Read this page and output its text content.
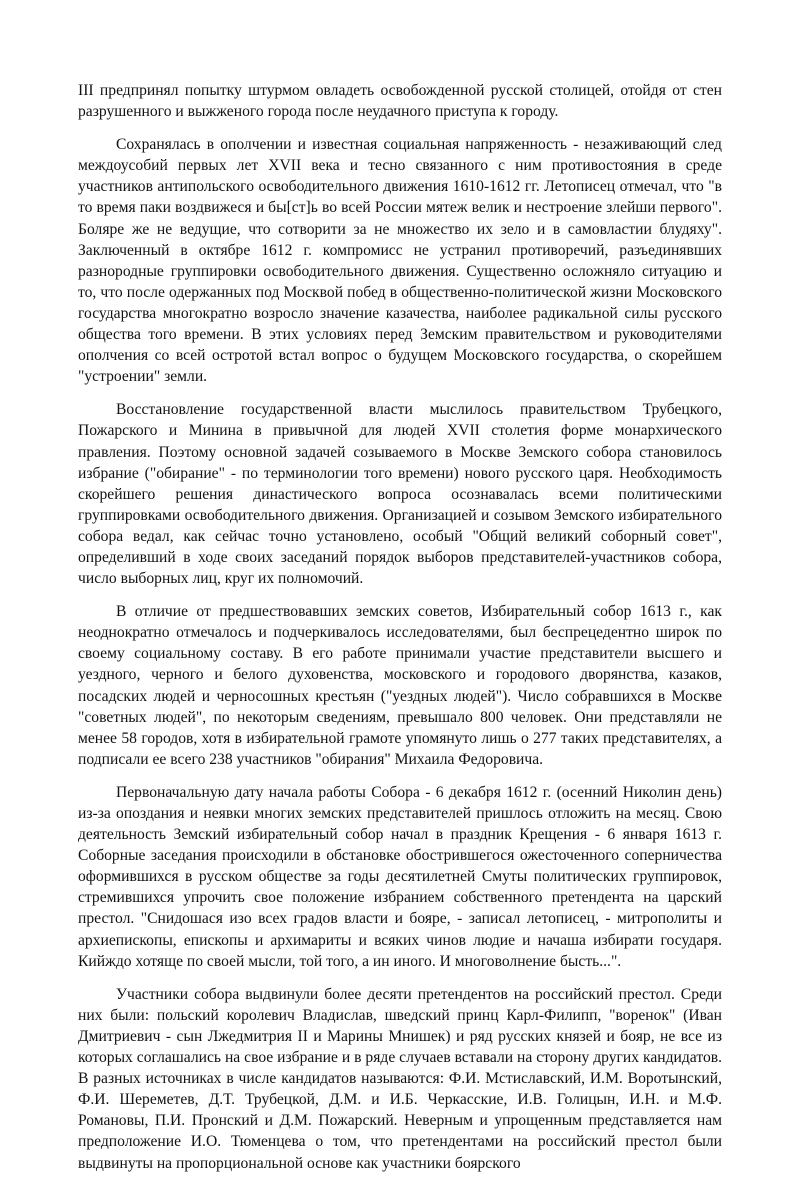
III предпринял попытку штурмом овладеть освобожденной русской столицей, отойдя от стен разрушенного и выжженого города после неудачного приступа к городу.

Сохранялась в ополчении и известная социальная напряженность - незаживающий след междоусобий первых лет XVII века и тесно связанного с ним противостояния в среде участников антипольского освободительного движения 1610-1612 гг. Летописец отмечал, что "в то время паки воздвижеся и бы[ст]ь во всей России мятеж велик и нестроение злейши первого". Боляре же не ведущие, что сотворити за не множество их зело и в самовластии блудяху". Заключенный в октябре 1612 г. компромисс не устранил противоречий, разъединявших разнородные группировки освободительного движения. Существенно осложняло ситуацию и то, что после одержанных под Москвой побед в общественно-политической жизни Московского государства многократно возросло значение казачества, наиболее радикальной силы русского общества того времени. В этих условиях перед Земским правительством и руководителями ополчения со всей остротой встал вопрос о будущем Московского государства, о скорейшем "устроении" земли.

Восстановление государственной власти мыслилось правительством Трубецкого, Пожарского и Минина в привычной для людей XVII столетия форме монархического правления. Поэтому основной задачей созываемого в Москве Земского собора становилось избрание ("обирание" - по терминологии того времени) нового русского царя. Необходимость скорейшего решения династического вопроса осознавалась всеми политическими группировками освободительного движения. Организацией и созывом Земского избирательного собора ведал, как сейчас точно установлено, особый "Общий великий соборный совет", определивший в ходе своих заседаний порядок выборов представителей-участников собора, число выборных лиц, круг их полномочий.

В отличие от предшествовавших земских советов, Избирательный собор 1613 г., как неоднократно отмечалось и подчеркивалось исследователями, был беспрецедентно широк по своему социальному составу. В его работе принимали участие представители высшего и уездного, черного и белого духовенства, московского и городового дворянства, казаков, посадских людей и черносошных крестьян ("уездных людей"). Число собравшихся в Москве "советных людей", по некоторым сведениям, превышало 800 человек. Они представляли не менее 58 городов, хотя в избирательной грамоте упомянуто лишь о 277 таких представителях, а подписали ее всего 238 участников "обирания" Михаила Федоровича.

Первоначальную дату начала работы Собора - 6 декабря 1612 г. (осенний Николин день) из-за опоздания и неявки многих земских представителей пришлось отложить на месяц. Свою деятельность Земский избирательный собор начал в праздник Крещения - 6 января 1613 г. Соборные заседания происходили в обстановке обострившегося ожесточенного соперничества оформившихся в русском обществе за годы десятилетней Смуты политических группировок, стремившихся упрочить свое положение избранием собственного претендента на царский престол. "Снидошася изо всех градов власти и бояре, - записал летописец, - митрополиты и архиепископы, епископы и архимариты и всяких чинов людие и начаша избирати государя. Кийждо хотяще по своей мысли, той того, а ин иного. И многоволнение бысть...".

Участники собора выдвинули более десяти претендентов на российский престол. Среди них были: польский королевич Владислав, шведский принц Карл-Филипп, "воренок" (Иван Дмитриевич - сын Лжедмитрия II и Марины Мнишек) и ряд русских князей и бояр, не все из которых соглашались на свое избрание и в ряде случаев вставали на сторону других кандидатов. В разных источниках в числе кандидатов называются: Ф.И. Мстиславский, И.М. Воротынский, Ф.И. Шереметев, Д.Т. Трубецкой, Д.М. и И.Б. Черкасские, И.В. Голицын, И.Н. и М.Ф. Романовы, П.И. Пронский и Д.М. Пожарский. Неверным и упрощенным представляется нам предположение И.О. Тюменцева о том, что претендентами на российский престол были выдвинуты на пропорциональной основе как участники боярского
